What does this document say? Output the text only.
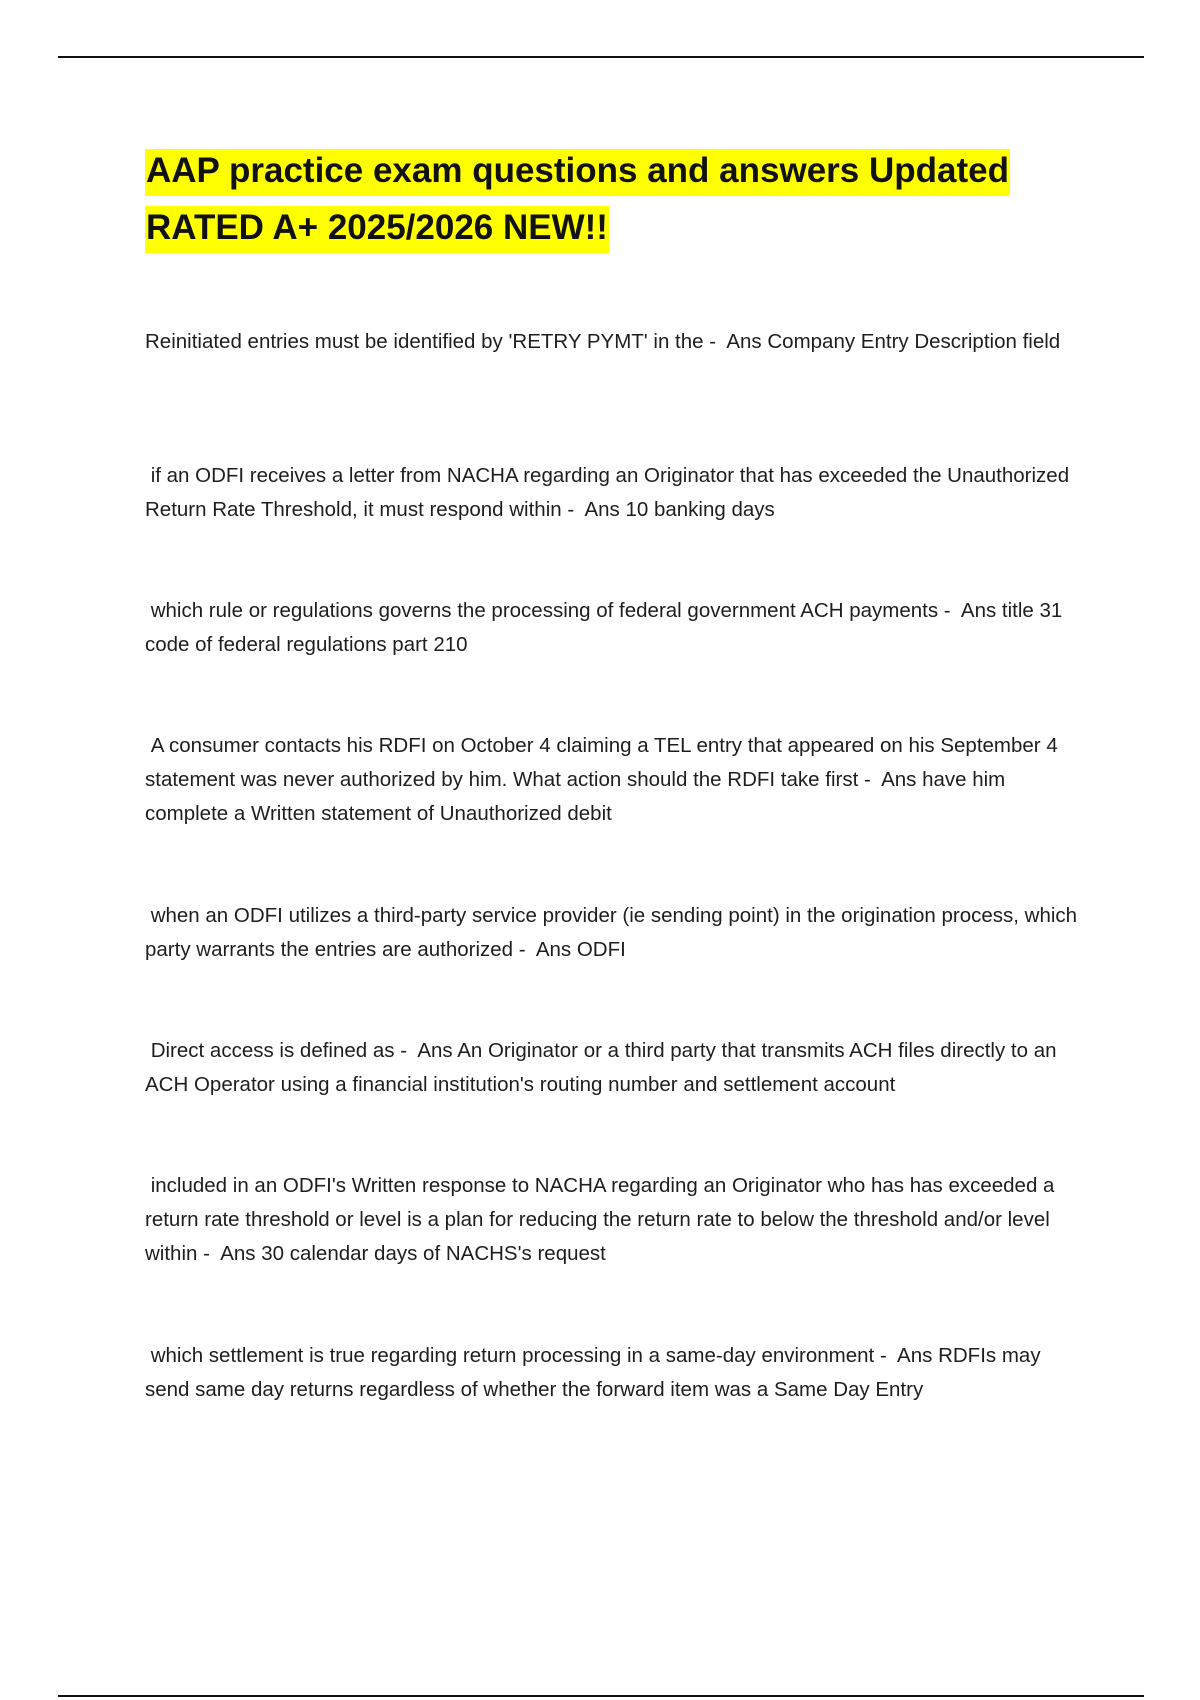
AAP practice exam questions and answers Updated
RATED A+ 2025/2026 NEW!!

Reinitiated entries must be identified by 'RETRY PYMT' in the - Ans Company Entry Description field

if an ODFI receives a letter from NACHA regarding an Originator that has exceeded the Unauthorized Return Rate Threshold, it must respond within - Ans 10 banking days

which rule or regulations governs the processing of federal government ACH payments - Ans title 31 code of federal regulations part 210

A consumer contacts his RDFI on October 4 claiming a TEL entry that appeared on his September 4 statement was never authorized by him. What action should the RDFI take first - Ans have him complete a Written statement of Unauthorized debit

when an ODFI utilizes a third-party service provider (ie sending point) in the origination process, which party warrants the entries are authorized - Ans ODFI

Direct access is defined as - Ans An Originator or a third party that transmits ACH files directly to an ACH Operator using a financial institution's routing number and settlement account

included in an ODFI's Written response to NACHA regarding an Originator who has has exceeded a return rate threshold or level is a plan for reducing the return rate to below the threshold and/or level within - Ans 30 calendar days of NACHS's request

which settlement is true regarding return processing in a same-day environment - Ans RDFIs may send same day returns regardless of whether the forward item was a Same Day Entry
